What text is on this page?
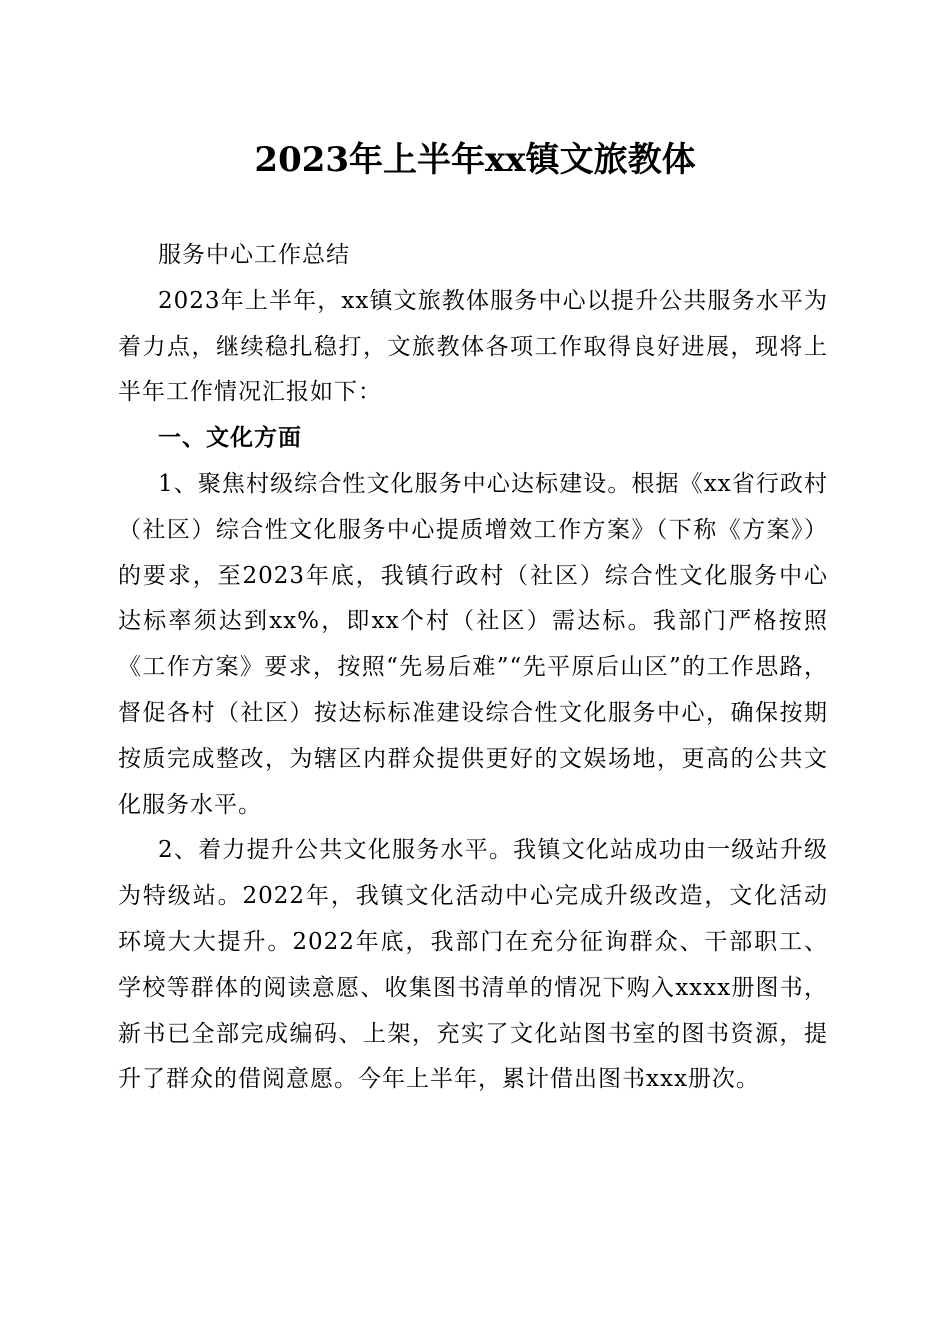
2023年上半年xx镇文旅教体

服务中心工作总结

2023年上半年，xx镇文旅教体服务中心以提升公共服务水平为着力点，继续稳扎稳打，文旅教体各项工作取得良好进展，现将上半年工作情况汇报如下：

一、文化方面

1、聚焦村级综合性文化服务中心达标建设。根据《xx省行政村（社区）综合性文化服务中心提质增效工作方案》（下称《方案》）的要求，至2023年底，我镇行政村（社区）综合性文化服务中心达标率须达到xx%，即xx个村（社区）需达标。我部门严格按照《工作方案》要求，按照“先易后难”“先平原后山区”的工作思路，督促各村（社区）按达标标准建设综合性文化服务中心，确保按期按质完成整改，为辖区内群众提供更好的文娱场地，更高的公共文化服务水平。

2、着力提升公共文化服务水平。我镇文化站成功由一级站升级为特级站。2022年，我镇文化活动中心完成升级改造，文化活动环境大大提升。2022年底，我部门在充分征询群众、干部职工、学校等群体的阅读意愿、收集图书清单的情况下购入xxxx册图书，新书已全部完成编码、上架，充实了文化站图书室的图书资源，提升了群众的借阅意愿。今年上半年，累计借出图书xxx册次。
